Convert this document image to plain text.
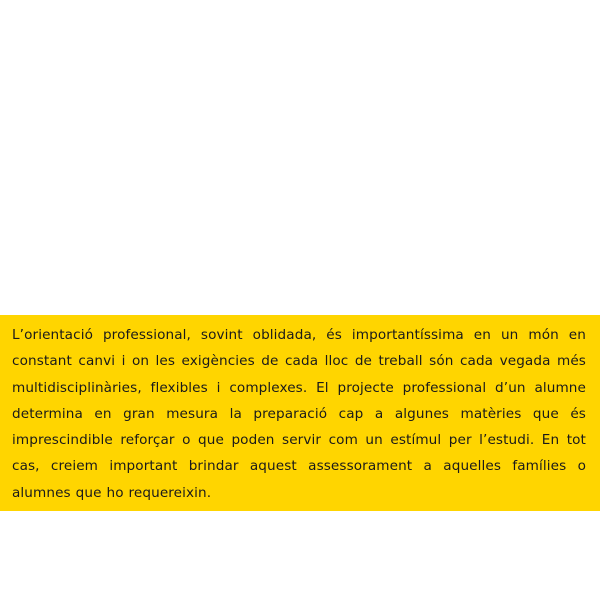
L’orientació professional, sovint oblidada, és importantíssima en un món en constant canvi i on les exigències de cada lloc de treball són cada vegada més multidisciplinàries, flexibles i complexes. El projecte professional d’un alumne determina en gran mesura la preparació cap a algunes matèries que és imprescindible reforçar o que poden servir com un estímul per l’estudi. En tot cas, creiem important brindar aquest assessorament a aquelles famílies o alumnes que ho requereixin.
